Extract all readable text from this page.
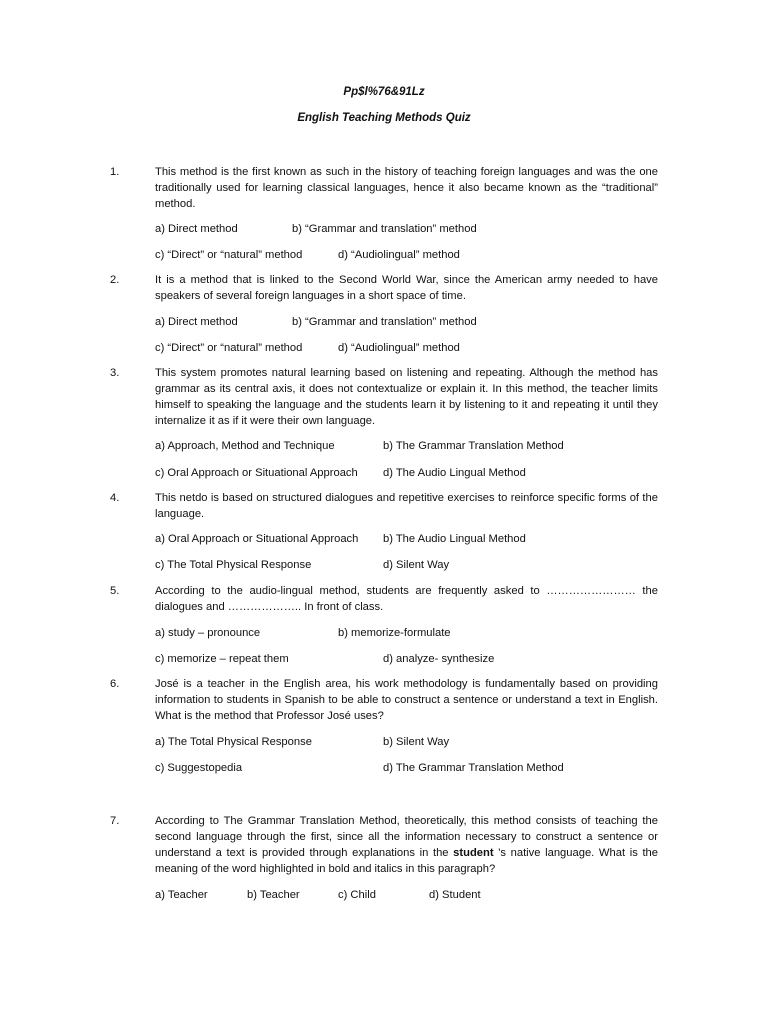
Pp$l%76&91Lz
English Teaching Methods Quiz
1.	This method is the first known as such in the history of teaching foreign languages and was the one traditionally used for learning classical languages, hence it also became known as the “traditional” method.
a) Direct method	b) “Grammar and translation” method
c) “Direct” or “natural” method	d) “Audiolingual” method
2.	It is a method that is linked to the Second World War, since the American army needed to have speakers of several foreign languages in a short space of time.
a) Direct method	b) “Grammar and translation” method
c) “Direct” or “natural” method	d) “Audiolingual” method
3.	This system promotes natural learning based on listening and repeating. Although the method has grammar as its central axis, it does not contextualize or explain it. In this method, the teacher limits himself to speaking the language and the students learn it by listening to it and repeating it until they internalize it as if it were their own language.
a) Approach, Method and Technique	b) The Grammar Translation Method
c) Oral Approach or Situational Approach d) The Audio Lingual Method
4.	This netdo is based on structured dialogues and repetitive exercises to reinforce specific forms of the language.
a) Oral Approach or Situational Approach b) The Audio Lingual Method
c) The Total Physical Response	d) Silent Way
5.	According to the audio-lingual method, students are frequently asked to …………………… the dialogues and ……………….. In front of class.
a) study – pronounce	b) memorize-formulate
c) memorize – repeat them	d) analyze- synthesize
6.	José is a teacher in the English area, his work methodology is fundamentally based on providing information to students in Spanish to be able to construct a sentence or understand a text in English. What is the method that Professor José uses?
a) The Total Physical Response	b) Silent Way
c) Suggestopedia	d) The Grammar Translation Method
7.	According to The Grammar Translation Method, theoretically, this method consists of teaching the second language through the first, since all the information necessary to construct a sentence or understand a text is provided through explanations in the student 's native language. What is the meaning of the word highlighted in bold and italics in this paragraph?
a) Teacher	b) Teacher	c) Child	d) Student
